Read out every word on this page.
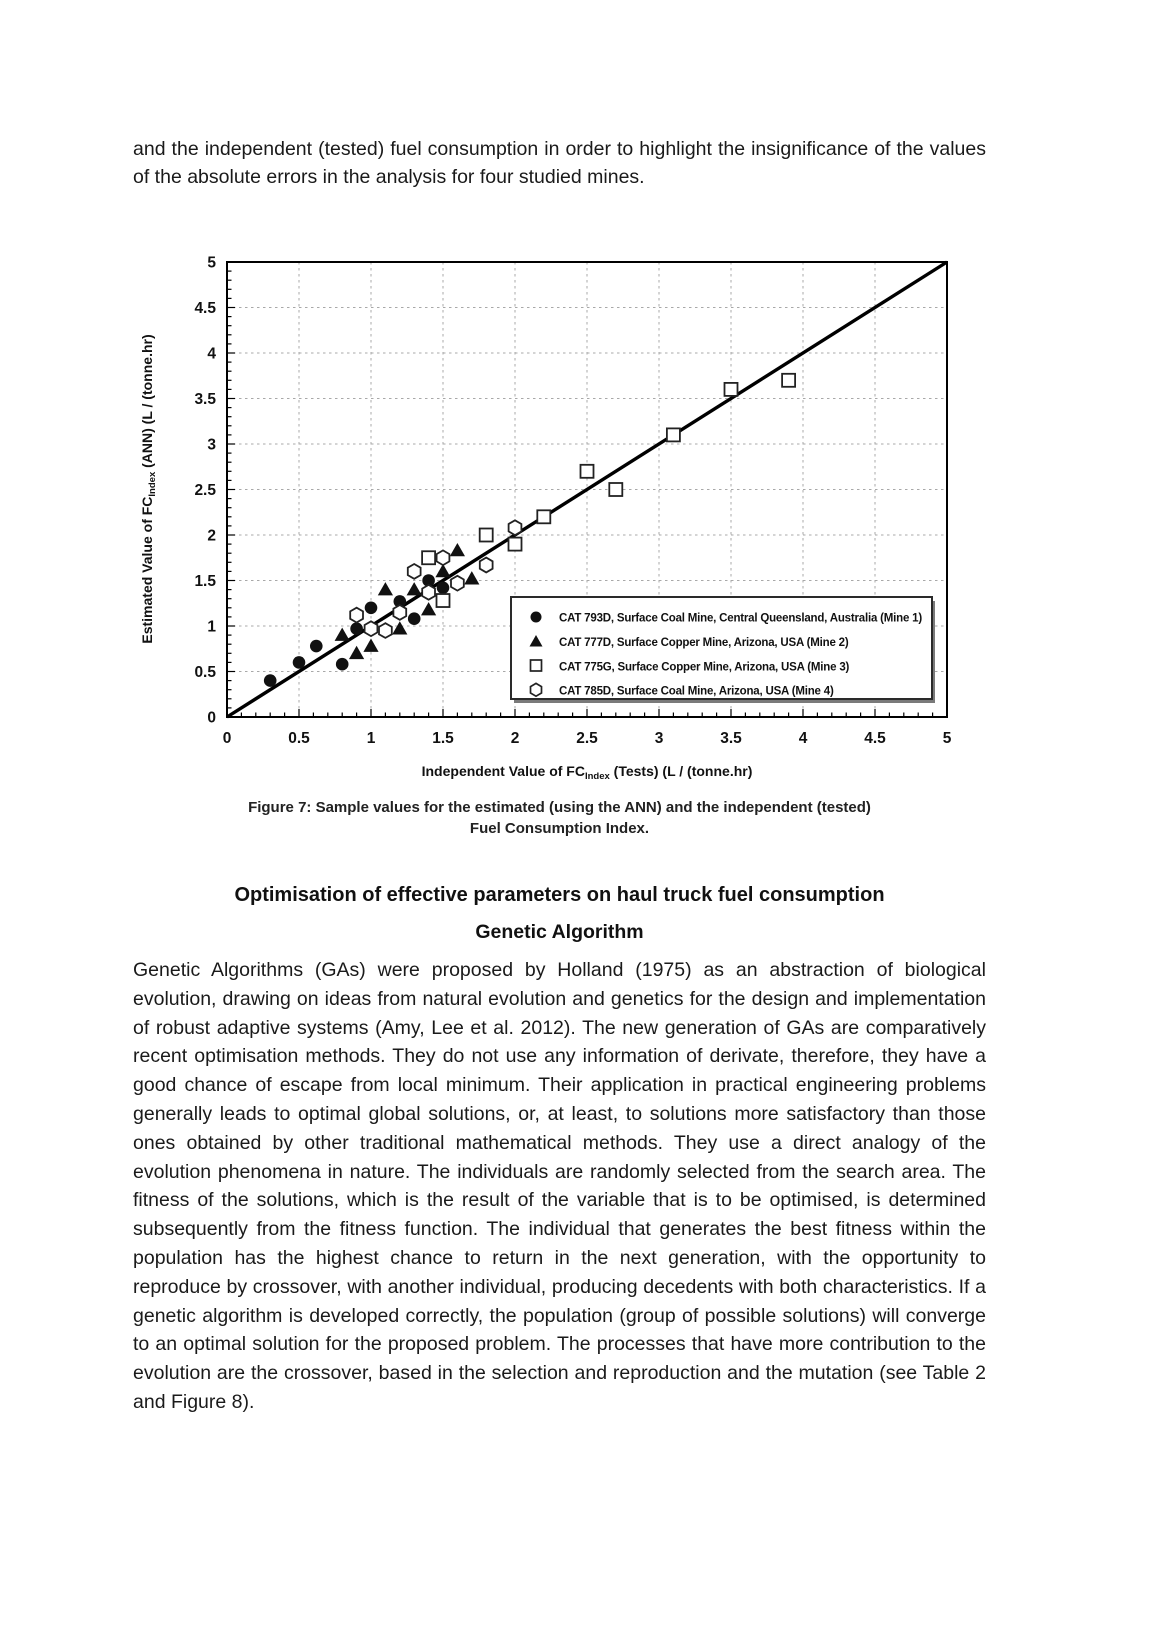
and the independent (tested) fuel consumption in order to highlight the insignificance of the values of the absolute errors in the analysis for four studied mines.
0	0.5	1	1.5	2	2.5	3	3.5	4	4.5	5
0
0.5
1
1.5
2
2.5
3
3.5
4
4.5
5
Estimated Value of $FC_{Index}$ (ANN) (L / (tonne.hr)
Independent Value of $FC_{Index}$ (Tests) (L / (tonne.hr)
CAT 793D, Surface Coal Mine, Central Queensland, Australia (Mine 1)
CAT 777D, Surface Copper Mine, Arizona, USA (Mine 2)
CAT 775G, Surface Copper Mine, Arizona, USA (Mine 3)
CAT 785D, Surface Coal Mine, Arizona, USA (Mine 4)
Figure 7: Sample values for the estimated (using the ANN) and the independent (tested)
Fuel Consumption Index.
Optimisation of effective parameters on haul truck fuel consumption
Genetic Algorithm
Genetic Algorithms (GAs) were proposed by Holland (1975) as an abstraction of biological evolution, drawing on ideas from natural evolution and genetics for the design and implementation of robust adaptive systems (Amy, Lee et al. 2012). The new generation of GAs are comparatively recent optimisation methods. They do not use any information of derivate, therefore, they have a good chance of escape from local minimum. Their application in practical engineering problems generally leads to optimal global solutions, or, at least, to solutions more satisfactory than those ones obtained by other traditional mathematical methods. They use a direct analogy of the evolution phenomena in nature. The individuals are randomly selected from the search area. The fitness of the solutions, which is the result of the variable that is to be optimised, is determined subsequently from the fitness function. The individual that generates the best fitness within the population has the highest chance to return in the next generation, with the opportunity to reproduce by crossover, with another individual, producing decedents with both characteristics. If a genetic algorithm is developed correctly, the population (group of possible solutions) will converge to an optimal solution for the proposed problem. The processes that have more contribution to the evolution are the crossover, based in the selection and reproduction and the mutation (see Table 2 and Figure 8).
